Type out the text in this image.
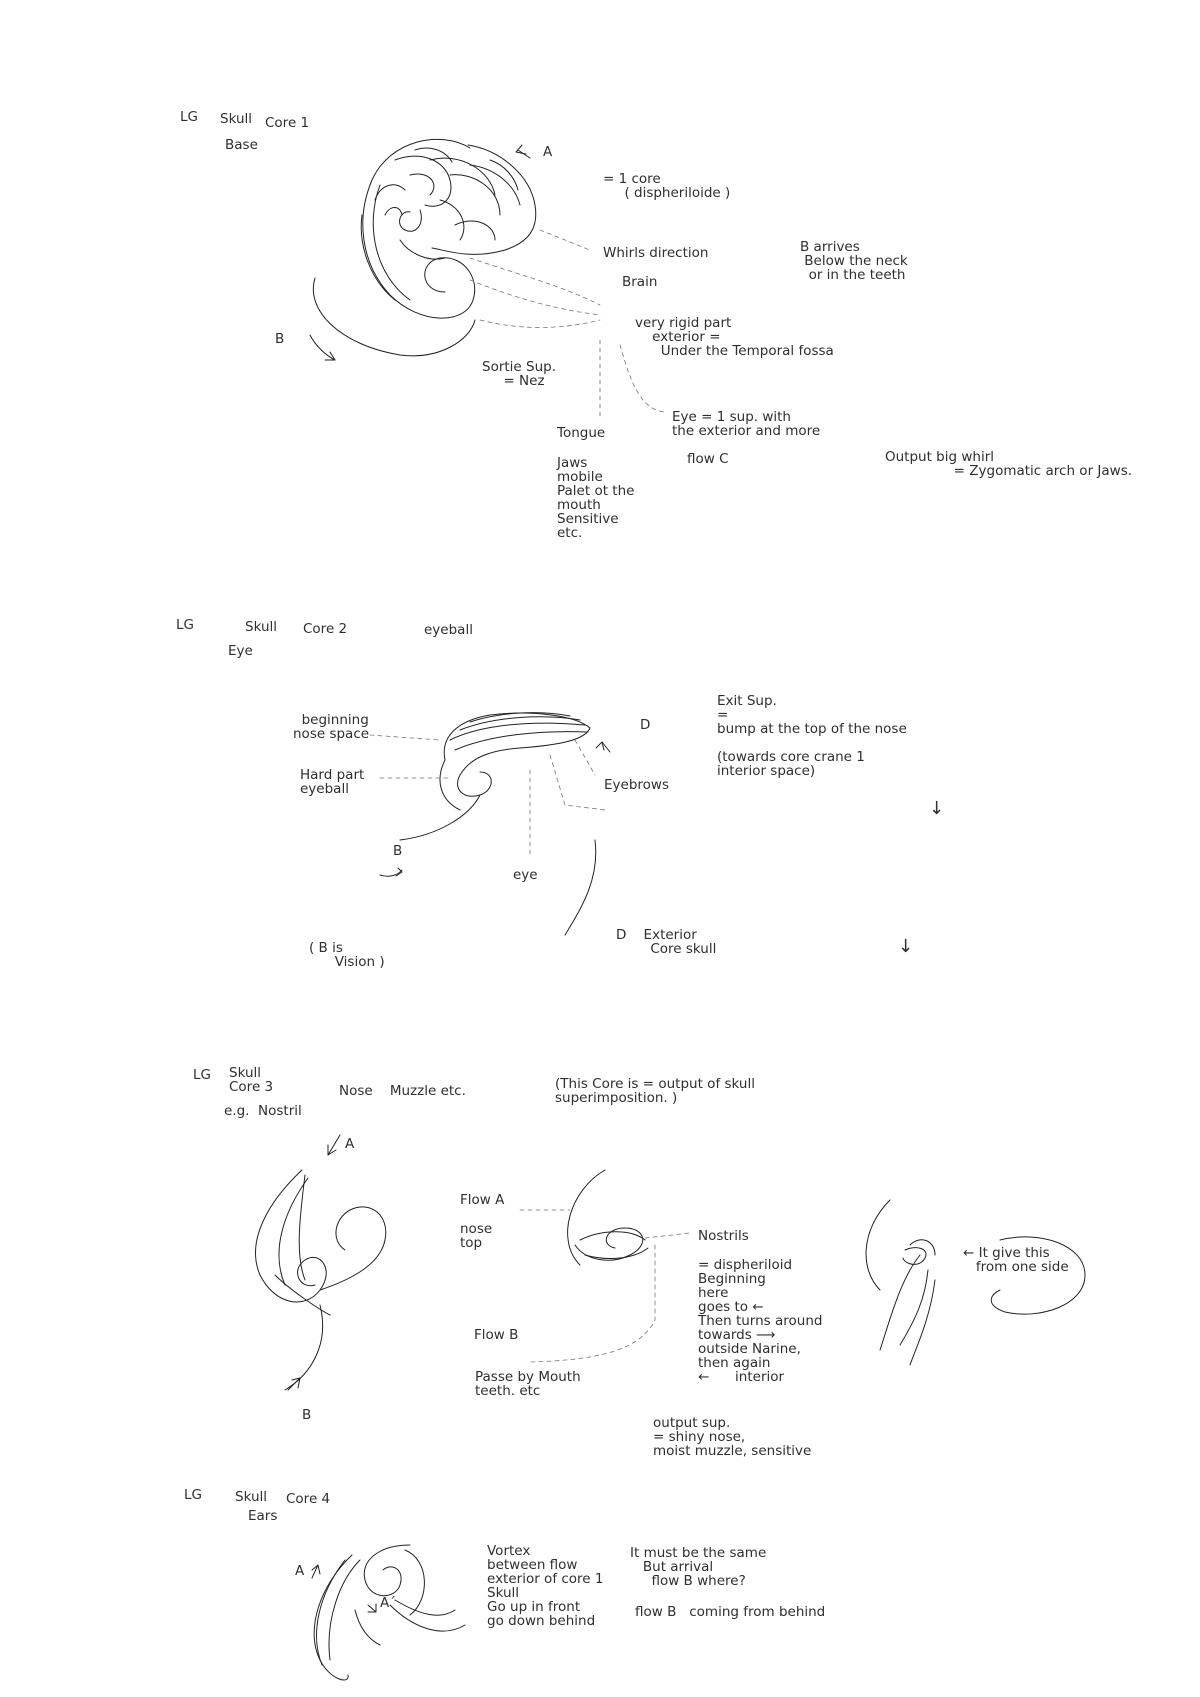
LG Skull Core 1
Base	A
= 1 core
( dispheriloide )
Whirls direction	B arrives
Below the neck
or in the teeth
Brain
very rigid part
exterior =
Under the Temporal fossa
B
Sortie Sup.
= Nez
Eye = 1 sup. with
the exterior and more
Tongue
flow C	Output big whirl
= Zygomatic arch or Jaws.
Jaws
mobile
Palet ot the
mouth
Sensitive
etc.
LG	Skull Core 2	eyeball
Eye
Exit Sup.
=
bump at the top of the nose
beginning
nose space
D
(towards core crane 1
interior space)
Hard part
eyeball	Eyebrows
↓
B
eye
D    Exterior
Core skull
( B is
Vision )
↓
LG Skull
Core 3	Nose    Muzzle etc.	(This Core is = output of skull
superimposition. )
e.g.  Nostril
A
Flow A
nose
top	Nostrils
← It give this
from one side
= dispheriloid
Beginning
here
goes to ←
Then turns around
towards ⟶
outside Narine,
then again
←      interior
Flow B
Passe by Mouth
teeth. etc
B	output sup.
= shiny nose,
moist muzzle, sensitive
LG Skull Core 4
Ears
Vortex
between flow
exterior of core 1
Skull
Go up in front
go down behind
It must be the same
But arrival
flow B where?
A
A´
flow B   coming from behind
